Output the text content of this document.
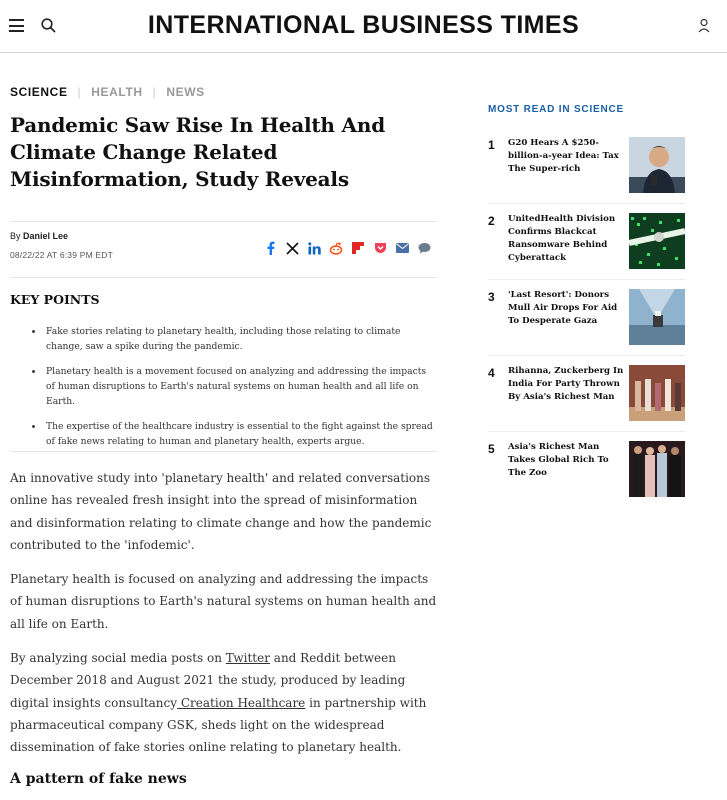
INTERNATIONAL BUSINESS TIMES
SCIENCE | HEALTH | NEWS
Pandemic Saw Rise In Health And Climate Change Related Misinformation, Study Reveals
By Daniel Lee
08/22/22 AT 6:39 PM EDT
KEY POINTS
Fake stories relating to planetary health, including those relating to climate change, saw a spike during the pandemic.
Planetary health is a movement focused on analyzing and addressing the impacts of human disruptions to Earth's natural systems on human health and all life on Earth.
The expertise of the healthcare industry is essential to the fight against the spread of fake news relating to human and planetary health, experts argue.

An innovative study into 'planetary health' and related conversations online has revealed fresh insight into the spread of misinformation and disinformation relating to climate change and how the pandemic contributed to the 'infodemic'.

Planetary health is focused on analyzing and addressing the impacts of human disruptions to Earth's natural systems on human health and all life on Earth.

By analyzing social media posts on Twitter and Reddit between December 2018 and August 2021 the study, produced by leading digital insights consultancy Creation Healthcare in partnership with pharmaceutical company GSK, sheds light on the widespread dissemination of fake stories online relating to planetary health.

A pattern of fake news
MOST READ IN SCIENCE
1 G20 Hears A $250-billion-a-year Idea: Tax The Super-rich
2 UnitedHealth Division Confirms Blackcat Ransomware Behind Cyberattack
3 'Last Resort': Donors Mull Air Drops For Aid To Desperate Gaza
4 Rihanna, Zuckerberg In India For Party Thrown By Asia's Richest Man
5 Asia's Richest Man Takes Global Rich To The Zoo
